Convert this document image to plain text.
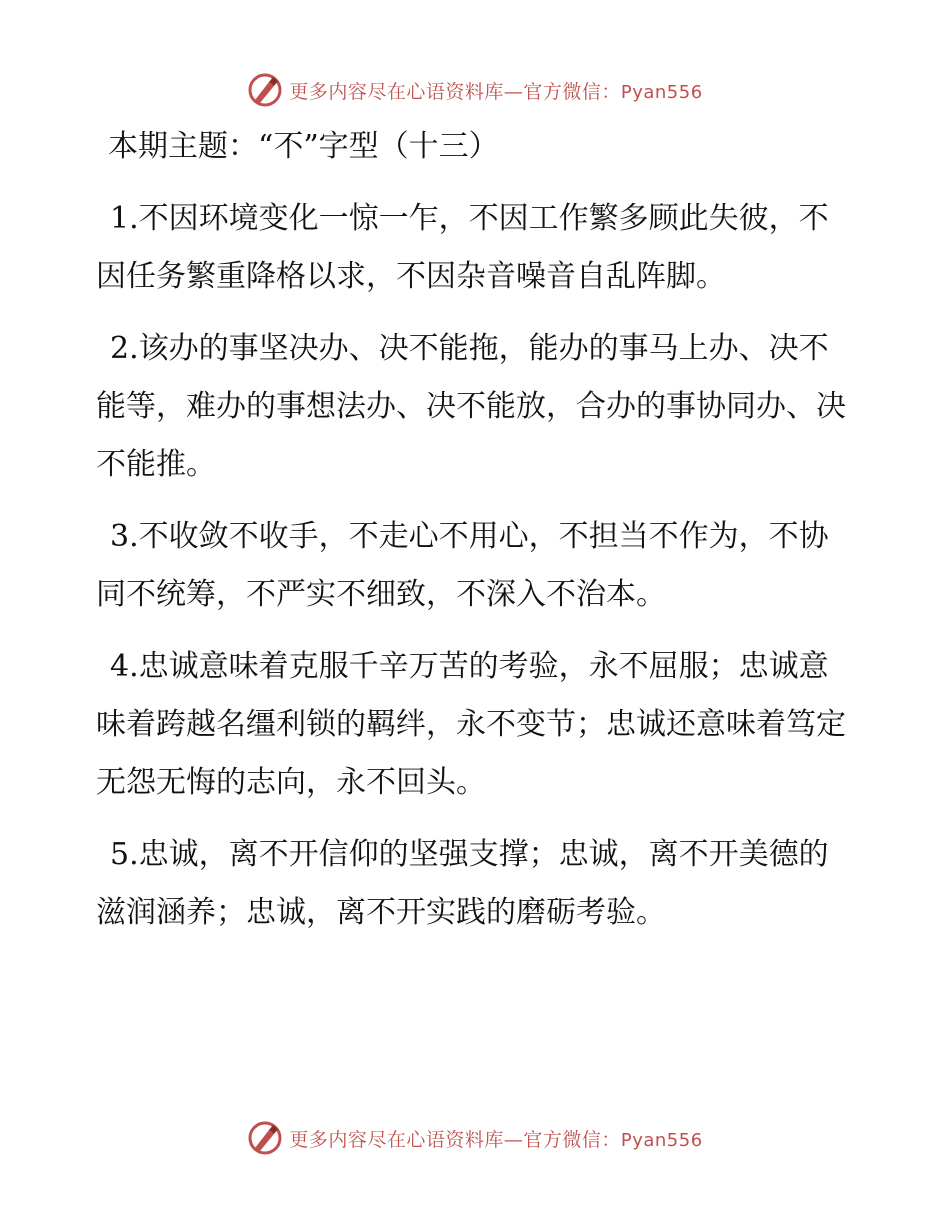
更多内容尽在心语资料库—官方微信：Pyan556

本期主题：“不”字型（十三）

1.不因环境变化一惊一乍，不因工作繁多顾此失彼，不因任务繁重降格以求，不因杂音噪音自乱阵脚。

2.该办的事坚决办、决不能拖，能办的事马上办、决不能等，难办的事想法办、决不能放，合办的事协同办、决不能推。

3.不收敛不收手，不走心不用心，不担当不作为，不协同不统筹，不严实不细致，不深入不治本。

4.忠诚意味着克服千辛万苦的考验，永不屈服；忠诚意味着跨越名缰利锁的羁绊，永不变节；忠诚还意味着笃定无怨无悔的志向，永不回头。

5.忠诚，离不开信仰的坚强支撑；忠诚，离不开美德的滋润涵养；忠诚，离不开实践的磨砺考验。

更多内容尽在心语资料库—官方微信：Pyan556
